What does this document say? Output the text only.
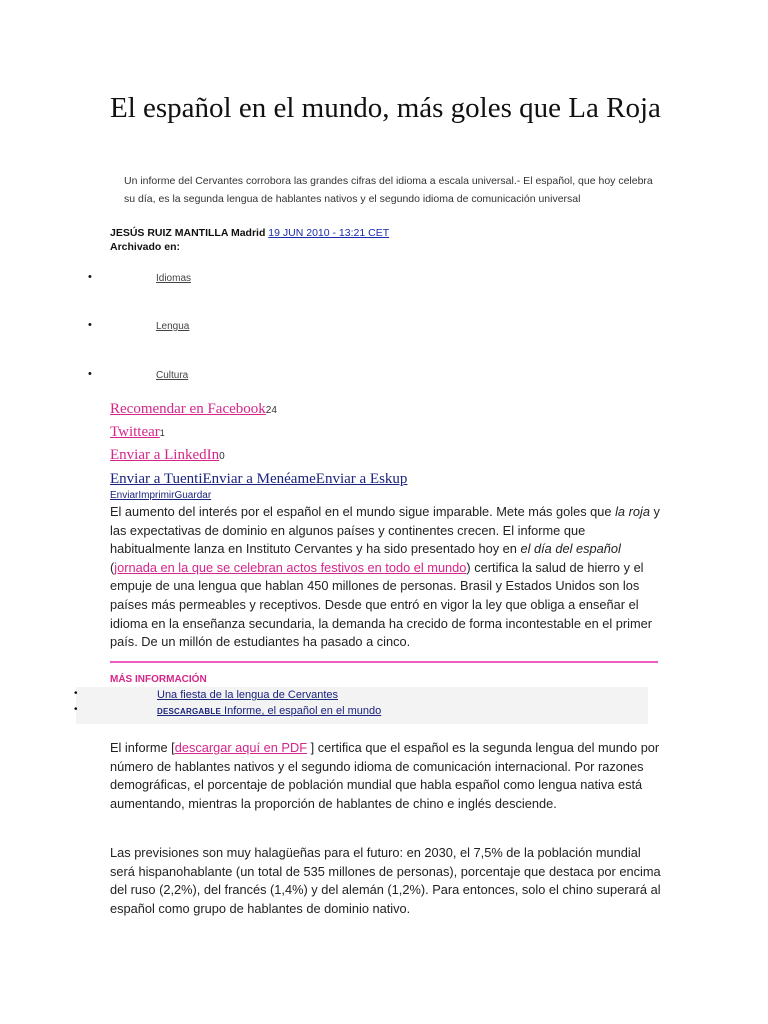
El español en el mundo, más goles que La Roja
Un informe del Cervantes corrobora las grandes cifras del idioma a escala universal.- El español, que hoy celebra su día, es la segunda lengua de hablantes nativos y el segundo idioma de comunicación universal
JESÚS RUIZ MANTILLA Madrid 19 JUN 2010 - 13:21 CET
Archivado en:
•	Idiomas
•	Lengua
•	Cultura
Recomendar en Facebook24
Twittear1
Enviar a LinkedIn0
Enviar a TuentiEnviar a MenéameEnviar a Eskup
EnviarImprimirGuardar

El aumento del interés por el español en el mundo sigue imparable. Mete más goles que la roja y las expectativas de dominio en algunos países y continentes crecen. El informe que habitualmente lanza en Instituto Cervantes y ha sido presentado hoy en el día del español (jornada en la que se celebran actos festivos en todo el mundo) certifica la salud de hierro y el empuje de una lengua que hablan 450 millones de personas. Brasil y Estados Unidos son los países más permeables y receptivos. Desde que entró en vigor la ley que obliga a enseñar el idioma en la enseñanza secundaria, la demanda ha crecido de forma incontestable en el primer país. De un millón de estudiantes ha pasado a cinco.

MÁS INFORMACIÓN
•	Una fiesta de la lengua de Cervantes
•	DESCARGABLE Informe, el español en el mundo

El informe [descargar aquí en PDF ] certifica que el español es la segunda lengua del mundo por número de hablantes nativos y el segundo idioma de comunicación internacional. Por razones demográficas, el porcentaje de población mundial que habla español como lengua nativa está aumentando, mientras la proporción de hablantes de chino e inglés desciende.

Las previsiones son muy halagüeñas para el futuro: en 2030, el 7,5% de la población mundial será hispanohablante (un total de 535 millones de personas), porcentaje que destaca por encima del ruso (2,2%), del francés (1,4%) y del alemán (1,2%). Para entonces, solo el chino superará al español como grupo de hablantes de dominio nativo.
